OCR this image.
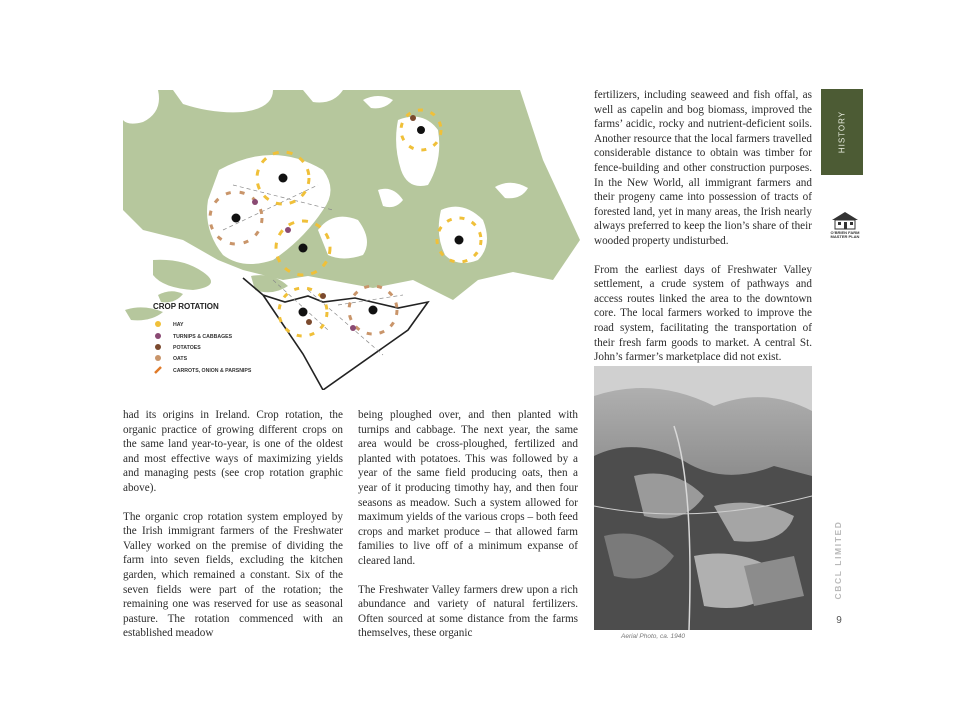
CROP ROTATION
HAY
TURNIPS & CABBAGES
POTATOES
OATS
CARROTS, ONION & PARSNIPS

had its origins in Ireland. Crop rotation, the organic practice of growing different crops on the same land year-to-year, is one of the oldest and most effective ways of maximizing yields and managing pests (see crop rotation graphic above).

The organic crop rotation system employed by the Irish immigrant farmers of the Freshwater Valley worked on the premise of dividing the farm into seven fields, excluding the kitchen garden, which remained a constant. Six of the seven fields were part of the rotation; the remaining one was reserved for use as seasonal pasture. The rotation commenced with an established meadow

being ploughed over, and then planted with turnips and cabbage. The next year, the same area would be cross-ploughed, fertilized and planted with potatoes. This was followed by a year of the same field producing oats, then a year of it producing timothy hay, and then four seasons as meadow. Such a system allowed for maximum yields of the various crops – both feed crops and market produce – that allowed farm families to live off of a minimum expanse of cleared land.

The Freshwater Valley farmers drew upon a rich abundance and variety of natural fertilizers. Often sourced at some distance from the farms themselves, these organic

fertilizers, including seaweed and fish offal, as well as capelin and bog biomass, improved the farms’ acidic, rocky and nutrient-deficient soils. Another resource that the local farmers travelled considerable distance to obtain was timber for fence-building and other construction purposes. In the New World, all immigrant farmers and their progeny came into possession of tracts of forested land, yet in many areas, the Irish nearly always preferred to keep the lion’s share of their wooded property undisturbed.

From the earliest days of Freshwater Valley settlement, a crude system of pathways and access routes linked the area to the downtown core. The local farmers worked to improve the road system, facilitating the transportation of their fresh farm goods to market. A central St. John’s farmer’s marketplace did not exist.

Aerial Photo, ca. 1940
HISTORY
O'BRIEN FARM
MASTER PLAN
CBCL LIMITED
9
